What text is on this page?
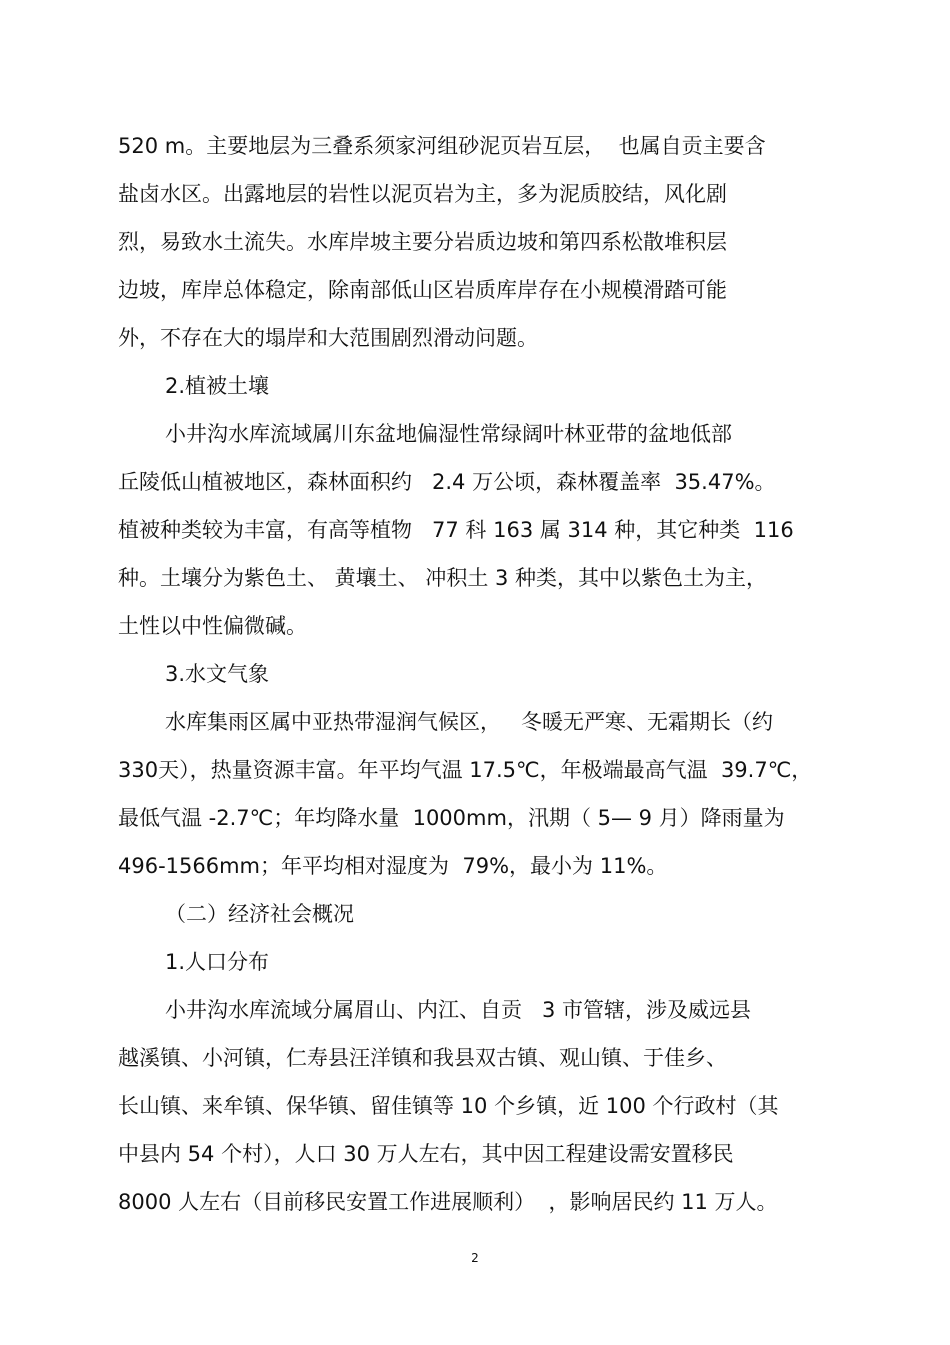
520 m。主要地层为三叠系须家河组砂泥页岩互层，  也属自贡主要含
盐卤水区。出露地层的岩性以泥页岩为主，多为泥质胶结，风化剧
烈，易致水土流失。水库岸坡主要分岩质边坡和第四系松散堆积层
边坡，库岸总体稳定，除南部低山区岩质库岸存在小规模滑踏可能
外，不存在大的塌岸和大范围剧烈滑动问题。
2.植被土壤
小井沟水库流域属川东盆地偏湿性常绿阔叶林亚带的盆地低部
丘陵低山植被地区，森林面积约   2.4 万公顷，森林覆盖率  35.47%。
植被种类较为丰富，有高等植物   77 科 163 属 314 种，其它种类  116
种。土壤分为紫色土、 黄壤土、 冲积土 3 种类，其中以紫色土为主，
土性以中性偏微碱。
3.水文气象
水库集雨区属中亚热带湿润气候区，   冬暖无严寒、无霜期长（约
330天），热量资源丰富。年平均气温 17.5℃，年极端最高气温  39.7℃，
最低气温 -2.7℃；年均降水量  1000mm，汛期（ 5— 9 月）降雨量为
496-1566mm；年平均相对湿度为  79%，最小为 11%。
（二）经济社会概况
1.人口分布
小井沟水库流域分属眉山、内江、自贡   3 市管辖，涉及威远县
越溪镇、小河镇，仁寿县汪洋镇和我县双古镇、观山镇、于佳乡、
长山镇、来牟镇、保华镇、留佳镇等 10 个乡镇，近 100 个行政村（其
中县内 54 个村），人口 30 万人左右，其中因工程建设需安置移民
8000 人左右（目前移民安置工作进展顺利）  ，影响居民约 11 万人。
2
